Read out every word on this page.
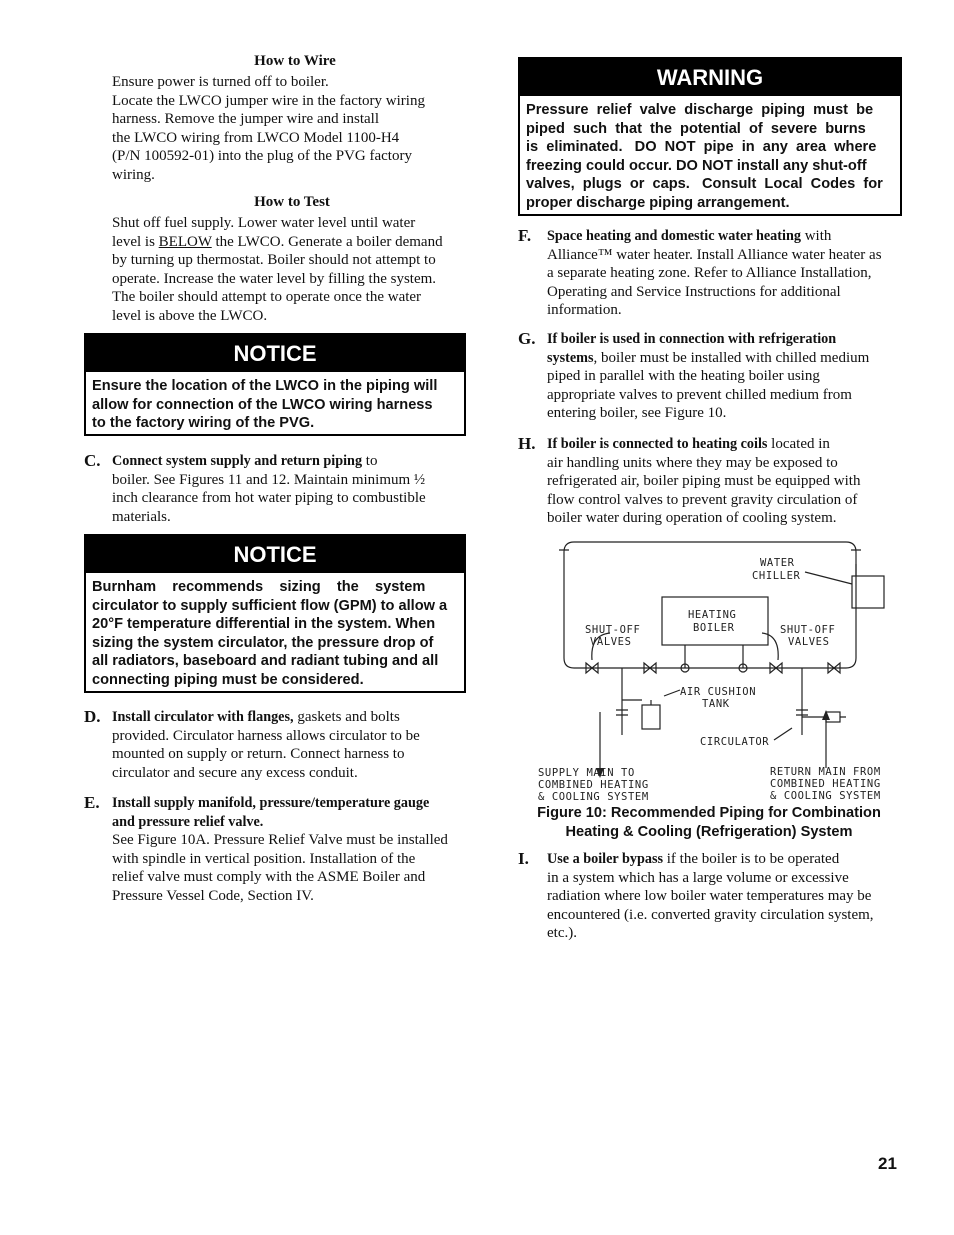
How to Wire
Ensure power is turned off to boiler.
Locate the LWCO jumper wire in the factory wiring
harness. Remove the jumper wire and install
the LWCO wiring from LWCO Model 1100-H4
(P/N 100592-01) into the plug of the PVG factory
wiring.
How to Test
Shut off fuel supply. Lower water level until water
level is BELOW the LWCO. Generate a boiler demand
by turning up thermostat. Boiler should not attempt to
operate. Increase the water level by filling the system.
The boiler should attempt to operate once the water
level is above the LWCO.
NOTICE
Ensure the location of the LWCO in the piping will
allow for connection of the LWCO wiring harness
to the factory wiring of the PVG.
C. Connect system supply and return piping to
boiler. See Figures 11 and 12. Maintain minimum ½
inch clearance from hot water piping to combustible
materials.
NOTICE
Burnham    recommends    sizing    the    system
circulator to supply sufficient flow (GPM) to allow a
20°F temperature differential in the system. When
sizing the system circulator, the pressure drop of
all radiators, baseboard and radiant tubing and all
connecting piping must be considered.
D. Install circulator with flanges, gaskets and bolts
provided. Circulator harness allows circulator to be
mounted on supply or return. Connect harness to
circulator and secure any excess conduit.
E. Install supply manifold, pressure/temperature gauge
and pressure relief valve.
See Figure 10A. Pressure Relief Valve must be installed
with spindle in vertical position. Installation of the
relief valve must comply with the ASME Boiler and
Pressure Vessel Code, Section IV.
WARNING
Pressure  relief  valve  discharge  piping  must  be
piped  such  that  the  potential  of  severe  burns
is  eliminated.   DO  NOT  pipe  in  any  area  where
freezing could occur. DO NOT install any shut-off
valves,  plugs  or  caps.   Consult  Local  Codes  for
proper discharge piping arrangement.
F. Space heating and domestic water heating with
Alliance™ water heater. Install Alliance water heater as
a separate heating zone. Refer to Alliance Installation,
Operating and Service Instructions for additional
information.
G. If boiler is used in connection with refrigeration
systems, boiler must be installed with chilled medium
piped in parallel with the heating boiler using
appropriate valves to prevent chilled medium from
entering boiler, see Figure 10.
H. If boiler is connected to heating coils located in
air handling units where they may be exposed to
refrigerated air, boiler piping must be equipped with
flow control valves to prevent gravity circulation of
boiler water during operation of cooling system.
WATER CHILLER
HEATING BOILER
SHUT-OFF VALVES
SHUT-OFF VALVES
AIR CUSHION TANK
CIRCULATOR
SUPPLY MAIN TO COMBINED HEATING & COOLING SYSTEM
RETURN MAIN FROM COMBINED HEATING & COOLING SYSTEM
Figure 10: Recommended Piping for Combination
Heating & Cooling (Refrigeration) System
I. Use a boiler bypass if the boiler is to be operated
in a system which has a large volume or excessive
radiation where low boiler water temperatures may be
encountered (i.e. converted gravity circulation system,
etc.).
21
